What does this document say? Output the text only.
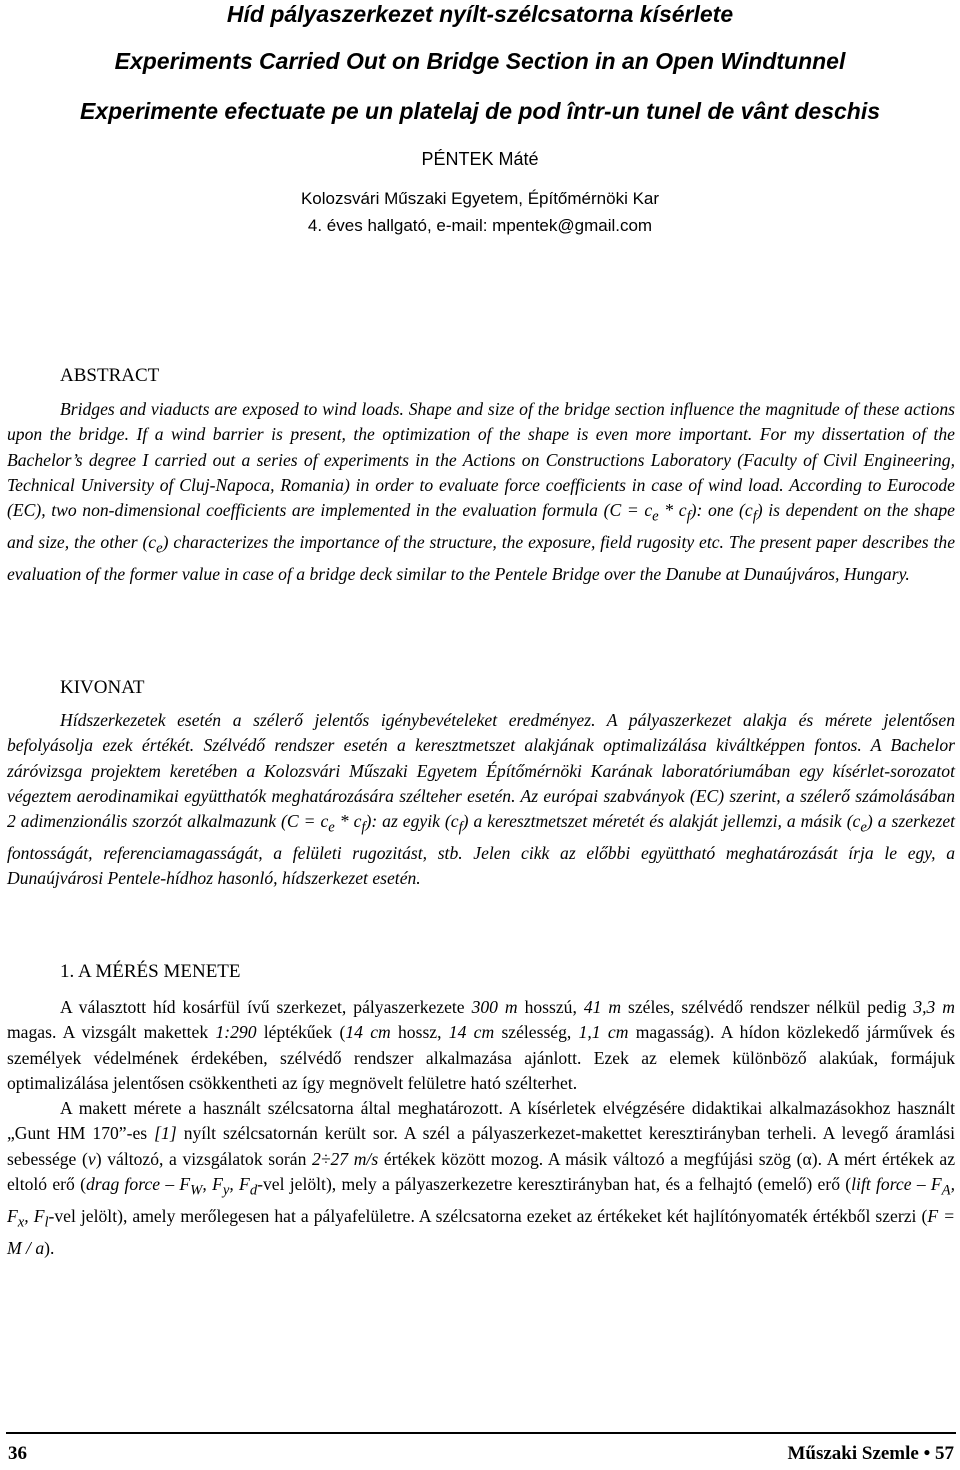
Híd pályaszerkezet nyílt-szélcsatorna kísérlete
Experiments Carried Out on Bridge Section in an Open Windtunnel
Experimente efectuate pe un platelaj de pod într-un tunel de vânt deschis
PÉNTEK Máté
Kolozsvári Műszaki Egyetem, Építőmérnöki Kar
4. éves hallgató, e-mail: mpentek@gmail.com
ABSTRACT

Bridges and viaducts are exposed to wind loads. Shape and size of the bridge section influence the magnitude of these actions upon the bridge. If a wind barrier is present, the optimization of the shape is even more important. For my dissertation of the Bachelor’s degree I carried out a series of experiments in the Actions on Constructions Laboratory (Faculty of Civil Engineering, Technical University of Cluj-Napoca, Romania) in order to evaluate force coefficients in case of wind load. According to Eurocode (EC), two non-dimensional coefficients are implemented in the evaluation formula $(C = c_e * c_f)$: one $(c_f)$ is dependent on the shape and size, the other $(c_e)$ characterizes the importance of the structure, the exposure, field rugosity etc. The present paper describes the evaluation of the former value in case of a bridge deck similar to the Pentele Bridge over the Danube at Dunaújváros, Hungary.

KIVONAT

Hídszerkezetek esetén a szélerő jelentős igénybevételeket eredményez. A pályaszerkezet alakja és mérete jelentősen befolyásolja ezek értékét. Szélvédő rendszer esetén a keresztmetszet alakjának optimalizálása kiváltképpen fontos. A Bachelor záróvizsga projektem keretében a Kolozsvári Műszaki Egyetem Építőmérnöki Karának laboratóriumában egy kísérlet-sorozatot végeztem aerodinamikai együtthatók meghatározására szélteher esetén. Az európai szabványok (EC) szerint, a szélerő számolásában 2 adimenzionális szorzót alkalmazunk $(C = c_e * c_f)$: az egyik $(c_f)$ a keresztmetszet méretét és alakját jellemzi, a másik $(c_e)$ a szerkezet fontosságát, referenciamagasságát, a felületi rugozitást, stb. Jelen cikk az előbbi együttható meghatározását írja le egy, a Dunaújvárosi Pentele-hídhoz hasonló, hídszerkezet esetén.

1. A MÉRÉS MENETE

A választott híd kosárfül ívű szerkezet, pályaszerkezete 300 m hosszú, 41 m széles, szélvédő rendszer nélkül pedig 3,3 m magas. A vizsgált makettek 1:290 léptékűek (14 cm hossz, 14 cm szélesség, 1,1 cm magasság). A hídon közlekedő járművek és személyek védelmének érdekében, szélvédő rendszer alkalmazása ajánlott. Ezek az elemek különböző alakúak, formájuk optimalizálása jelentősen csökkentheti az így megnövelt felületre ható szélterhet.

A makett mérete a használt szélcsatorna által meghatározott. A kísérletek elvégzésére didaktikai alkalmazásokhoz használt „Gunt HM 170”-es [1] nyílt szélcsatornán került sor. A szél a pályaszerkezet-makettet keresztirányban terheli. A levegő áramlási sebessége (v) változó, a vizsgálatok során 2÷27 m/s értékek között mozog. A másik változó a megfújási szög (α). A mért értékek az eltoló erő (drag force – $F_W$, $F_y$, $F_d$-vel jelölt), mely a pályaszerkezetre keresztirányban hat, és a felhajtó (emelő) erő (lift force – $F_A$, $F_x$, $F_l$-vel jelölt), amely merőlegesen hat a pályafelületre. A szélcsatorna ezeket az értékeket két hajlítónyomaték értékből szerzi (F = M / a).

36	Műszaki Szemle • 57
